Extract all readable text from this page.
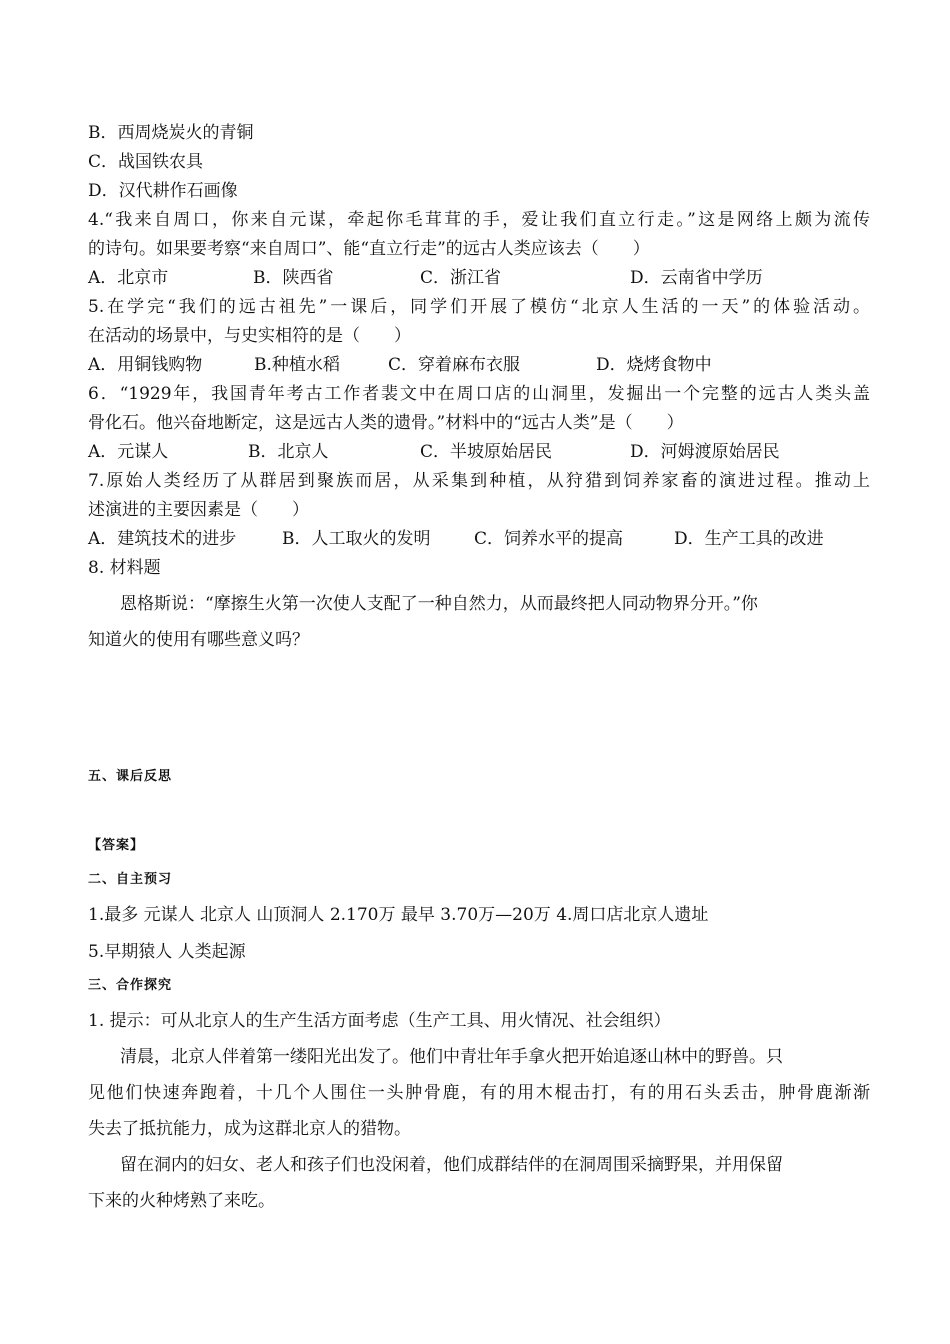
B．西周烧炭火的青铜
C．战国铁农具
D．汉代耕作石画像
4.“我来自周口，你来自元谋，牵起你毛茸茸的手，爱让我们直立行走。”这是网络上颇为流传
的诗句。如果要考察“来自周口”、能“直立行走”的远古人类应该去（　　）
A．北京市	B．陕西省	C．浙江省	D．云南省中学历
5.在学完“我们的远古祖先”一课后，同学们开展了模仿“北京人生活的一天”的体验活动。
在活动的场景中，与史实相符的是（　　）
A．用铜钱购物	B.种植水稻	C．穿着麻布衣服	D．烧烤食物中
6．“1929年，我国青年考古工作者裴文中在周口店的山洞里，发掘出一个完整的远古人类头盖
骨化石。他兴奋地断定，这是远古人类的遗骨。”材料中的“远古人类”是（　　）
A．元谋人	B．北京人	C．半坡原始居民	D．河姆渡原始居民
7.原始人类经历了从群居到聚族而居，从采集到种植，从狩猎到饲养家畜的演进过程。推动上
述演进的主要因素是（　　）
A．建筑技术的进步	B．人工取火的发明	C．饲养水平的提高	D．生产工具的改进
8. 材料题
恩格斯说：“摩擦生火第一次使人支配了一种自然力，从而最终把人同动物界分开。”你
知道火的使用有哪些意义吗？
五、课后反思
【答案】
二、自主预习
1.最多 元谋人 北京人 山顶洞人 2.170万 最早 3.70万—20万 4.周口店北京人遗址
5.早期猿人 人类起源
三、合作探究
1. 提示：可从北京人的生产生活方面考虑（生产工具、用火情况、社会组织）
清晨，北京人伴着第一缕阳光出发了。他们中青壮年手拿火把开始追逐山林中的野兽。只
见他们快速奔跑着，十几个人围住一头肿骨鹿，有的用木棍击打，有的用石头丢击，肿骨鹿渐渐
失去了抵抗能力，成为这群北京人的猎物。
留在洞内的妇女、老人和孩子们也没闲着，他们成群结伴的在洞周围采摘野果，并用保留
下来的火种烤熟了来吃。
